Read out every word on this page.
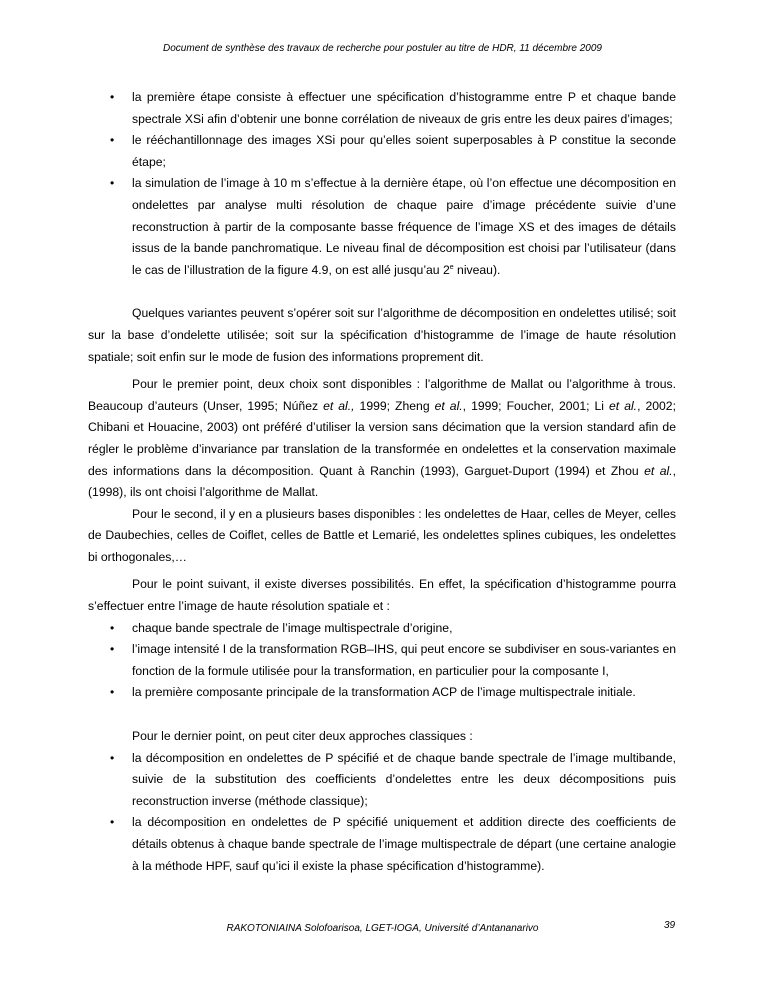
Document de synthèse des travaux de recherche pour postuler au titre de HDR, 11 décembre 2009
• la première étape consiste à effectuer une spécification d’histogramme entre P et chaque bande spectrale XSi afin d’obtenir une bonne corrélation de niveaux de gris entre les deux paires d’images;
• le rééchantillonnage des images XSi pour qu’elles soient superposables à P constitue la seconde étape;
• la simulation de l’image à 10 m s’effectue à la dernière étape, où l’on effectue une décomposition en ondelettes par analyse multi résolution de chaque paire d’image précédente suivie d’une reconstruction à partir de la composante basse fréquence de l’image XS et des images de détails issus de la bande panchromatique. Le niveau final de décomposition est choisi par l’utilisateur (dans le cas de l’illustration de la figure 4.9, on est allé jusqu’au 2e niveau).

Quelques variantes peuvent s’opérer soit sur l’algorithme de décomposition en ondelettes utilisé; soit sur la base d’ondelette utilisée; soit sur la spécification d’histogramme de l’image de haute résolution spatiale; soit enfin sur le mode de fusion des informations proprement dit.

Pour le premier point, deux choix sont disponibles : l’algorithme de Mallat ou l’algorithme à trous. Beaucoup d’auteurs (Unser, 1995; Núñez et al., 1999; Zheng et al., 1999; Foucher, 2001; Li et al., 2002; Chibani et Houacine, 2003) ont préféré d’utiliser la version sans décimation que la version standard afin de régler le problème d’invariance par translation de la transformée en ondelettes et la conservation maximale des informations dans la décomposition. Quant à Ranchin (1993), Garguet-Duport (1994) et Zhou et al., (1998), ils ont choisi l’algorithme de Mallat.

Pour le second, il y en a plusieurs bases disponibles : les ondelettes de Haar, celles de Meyer, celles de Daubechies, celles de Coiflet, celles de Battle et Lemarié, les ondelettes splines cubiques, les ondelettes bi orthogonales,…

Pour le point suivant, il existe diverses possibilités. En effet, la spécification d’histogramme pourra s’effectuer entre l’image de haute résolution spatiale et :

• chaque bande spectrale de l’image multispectrale d’origine,
• l’image intensité I de la transformation RGB–IHS, qui peut encore se subdiviser en sous-variantes en fonction de la formule utilisée pour la transformation, en particulier pour la composante I,
• la première composante principale de la transformation ACP de l’image multispectrale initiale.

Pour le dernier point, on peut citer deux approches classiques :

• la décomposition en ondelettes de P spécifié et de chaque bande spectrale de l’image multibande, suivie de la substitution des coefficients d’ondelettes entre les deux décompositions puis reconstruction inverse (méthode classique);
• la décomposition en ondelettes de P spécifié uniquement et addition directe des coefficients de détails obtenus à chaque bande spectrale de l’image multispectrale de départ (une certaine analogie à la méthode HPF, sauf qu’ici il existe la phase spécification d’histogramme).
RAKOTONIAINA Solofoarisoa, LGET-IOGA, Université d’Antananarivo	39
